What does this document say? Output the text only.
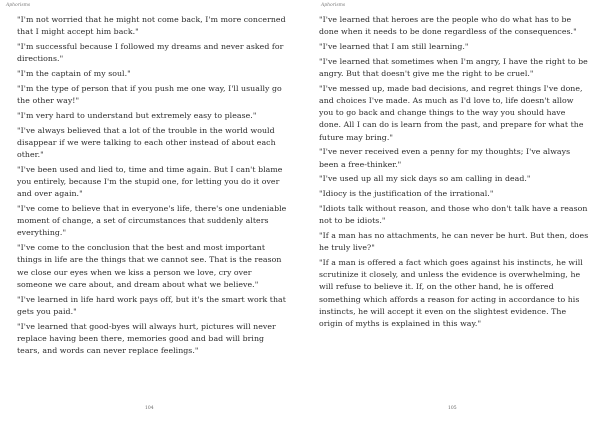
Aphorisms

"I'm not worried that he might not come back, I'm more concerned that I might accept him back."

"I'm successful because I followed my dreams and never asked for directions."

"I'm the captain of my soul."

"I'm the type of person that if you push me one way, I'll usually go the other way!"

"I'm very hard to understand but extremely easy to please."

"I've always believed that a lot of the trouble in the world would disappear if we were talking to each other instead of about each other."

"I've been used and lied to, time and time again. But I can't blame you entirely, because I'm the stupid one, for letting you do it over and over again."

"I've come to believe that in everyone's life, there's one undeniable moment of change, a set of circumstances that suddenly alters everything."

"I've come to the conclusion that the best and most important things in life are the things that we cannot see. That is the reason we close our eyes when we kiss a person we love, cry over someone we care about, and dream about what we believe."

"I've learned in life hard work pays off, but it's the smart work that gets you paid."

"I've learned that good-byes will always hurt, pictures will never replace having been there, memories good and bad will bring tears, and words can never replace feelings."

104
Aphorisms

"I've learned that heroes are the people who do what has to be done when it needs to be done regardless of the consequences."

"I've learned that I am still learning."

"I've learned that sometimes when I'm angry, I have the right to be angry. But that doesn't give me the right to be cruel."

"I've messed up, made bad decisions, and regret things I've done, and choices I've made. As much as I'd love to, life doesn't allow you to go back and change things to the way you should have done. All I can do is learn from the past, and prepare for what the future may bring."

"I've never received even a penny for my thoughts; I've always been a free-thinker."

"I've used up all my sick days so am calling in dead."

"Idiocy is the justification of the irrational."

"Idiots talk without reason, and those who don't talk have a reason not to be idiots."

"If a man has no attachments, he can never be hurt. But then, does he truly live?"

"If a man is offered a fact which goes against his instincts, he will scrutinize it closely, and unless the evidence is overwhelming, he will refuse to believe it. If, on the other hand, he is offered something which affords a reason for acting in accordance to his instincts, he will accept it even on the slightest evidence. The origin of myths is explained in this way."

105
